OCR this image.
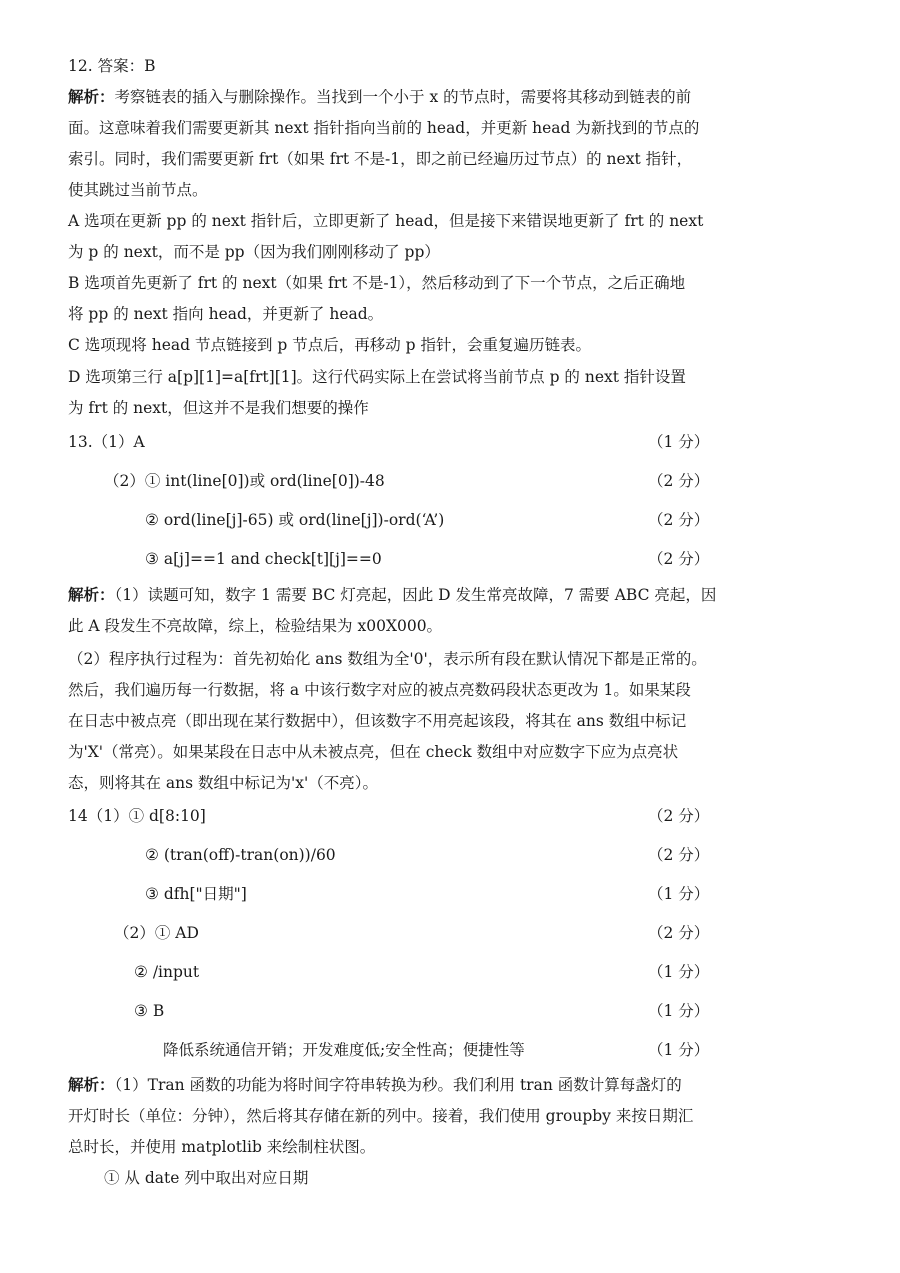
12. 答案：B
解析：考察链表的插入与删除操作。当找到一个小于 x 的节点时，需要将其移动到链表的前
面。这意味着我们需要更新其 next 指针指向当前的 head，并更新 head 为新找到的节点的
索引。同时，我们需要更新 frt（如果 frt 不是-1，即之前已经遍历过节点）的 next 指针，
使其跳过当前节点。
A 选项在更新 pp 的 next 指针后，立即更新了 head，但是接下来错误地更新了 frt 的 next
为 p 的 next，而不是 pp（因为我们刚刚移动了 pp）
B 选项首先更新了 frt 的 next（如果 frt 不是-1），然后移动到了下一个节点，之后正确地
将 pp 的 next 指向 head，并更新了 head。
C 选项现将 head 节点链接到 p 节点后，再移动 p 指针，会重复遍历链表。
D 选项第三行 a[p][1]=a[frt][1]。这行代码实际上在尝试将当前节点 p 的 next 指针设置
为 frt 的 next，但这并不是我们想要的操作
13.（1）A	（1 分）
（2）① int(line[0])或 ord(line[0])-48	（2 分）
② ord(line[j]-65) 或 ord(line[j])-ord(‘A’)	（2 分）
③ a[j]==1 and check[t][j]==0	（2 分）
解析：（1）读题可知，数字 1 需要 BC 灯亮起，因此 D 发生常亮故障，7 需要 ABC 亮起，因
此 A 段发生不亮故障，综上，检验结果为 x00X000。
（2）程序执行过程为：首先初始化 ans 数组为全'0'，表示所有段在默认情况下都是正常的。
然后，我们遍历每一行数据，将 a 中该行数字对应的被点亮数码段状态更改为 1。如果某段
在日志中被点亮（即出现在某行数据中），但该数字不用亮起该段，将其在 ans 数组中标记
为'X'（常亮）。如果某段在日志中从未被点亮，但在 check 数组中对应数字下应为点亮状
态，则将其在 ans 数组中标记为'x'（不亮）。
14（1）① d[8:10]	（2 分）
② (tran(off)-tran(on))/60	（2 分）
③ dfh["日期"]	（1 分）
（2）① AD	（2 分）
② /input	（1 分）
③ B	（1 分）
降低系统通信开销；开发难度低;安全性高；便捷性等	（1 分）
解析：（1）Tran 函数的功能为将时间字符串转换为秒。我们利用 tran 函数计算每盏灯的
开灯时长（单位：分钟），然后将其存储在新的列中。接着，我们使用 groupby 来按日期汇
总时长，并使用 matplotlib 来绘制柱状图。
① 从 date 列中取出对应日期
